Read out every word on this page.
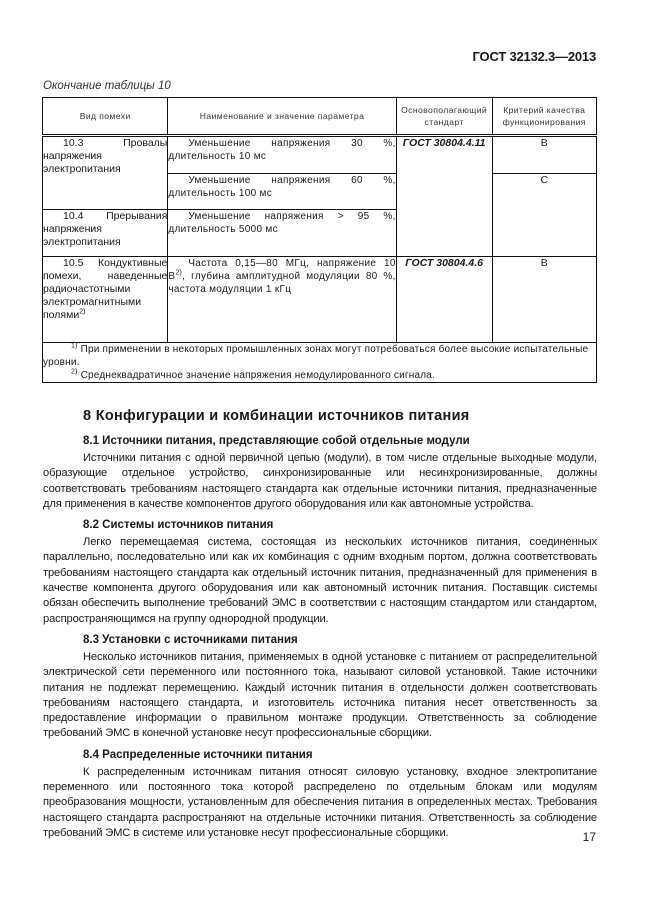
ГОСТ 32132.3—2013
Окончание таблицы 10
Вид помехи	Наименование и значение параметра	Основополагающий стандарт	Критерий качества функционирования
10.3 Провалы напряжения электропитания	Уменьшение напряжения 30 %, длительность 10 мс	ГОСТ 30804.4.11	B
	Уменьшение напряжения 60 %, длительность 100 мс		C
10.4 Прерывания напряжения электропитания	Уменьшение напряжения > 95 %, длительность 5000 мс		
10.5 Кондуктивные помехи, наведенные радиочастотными электромагнитными полями$^{2)}$	Частота 0,15—80 МГц, напряжение 10 $В^{2)}$, глубина амплитудной модуляции 80 %, частота модуляции 1 кГц	ГОСТ 30804.4.6	B

$^{1)}$ При применении в некоторых промышленных зонах могут потребоваться более высокие испытательные уровни.
$^{2)}$ Среднеквадратичное значение напряжения немодулированного сигнала.			
8 Конфигурации и комбинации источников питания
8.1 Источники питания, представляющие собой отдельные модули

Источники питания с одной первичной цепью (модули), в том числе отдельные выходные модули, образующие отдельное устройство, синхронизированные или несинхронизированные, должны соответствовать требованиям настоящего стандарта как отдельные источники питания, предназначенные для применения в качестве компонентов другого оборудования или как автономные устройства.

8.2 Системы источников питания

Легко перемещаемая система, состоящая из нескольких источников питания, соединенных параллельно, последовательно или как их комбинация с одним входным портом, должна соответствовать требованиям настоящего стандарта как отдельный источник питания, предназначенный для применения в качестве компонента другого оборудования или как автономный источник питания. Поставщик системы обязан обеспечить выполнение требований ЭМС в соответствии с настоящим стандартом или стандартом, распространяющимся на группу однородной продукции.

8.3 Установки с источниками питания

Несколько источников питания, применяемых в одной установке с питанием от распределительной электрической сети переменного или постоянного тока, называют силовой установкой. Такие источники питания не подлежат перемещению. Каждый источник питания в отдельности должен соответствовать требованиям настоящего стандарта, и изготовитель источника питания несет ответственность за предоставление информации о правильном монтаже продукции. Ответственность за соблюдение требований ЭМС в конечной установке несут профессиональные сборщики.

8.4 Распределенные источники питания

К распределенным источникам питания относят силовую установку, входное электропитание переменного или постоянного тока которой распределено по отдельным блокам или модулям преобразования мощности, установленным для обеспечения питания в определенных местах. Требования настоящего стандарта распространяют на отдельные источники питания. Ответственность за соблюдение требований ЭМС в системе или установке несут профессиональные сборщики.	17
